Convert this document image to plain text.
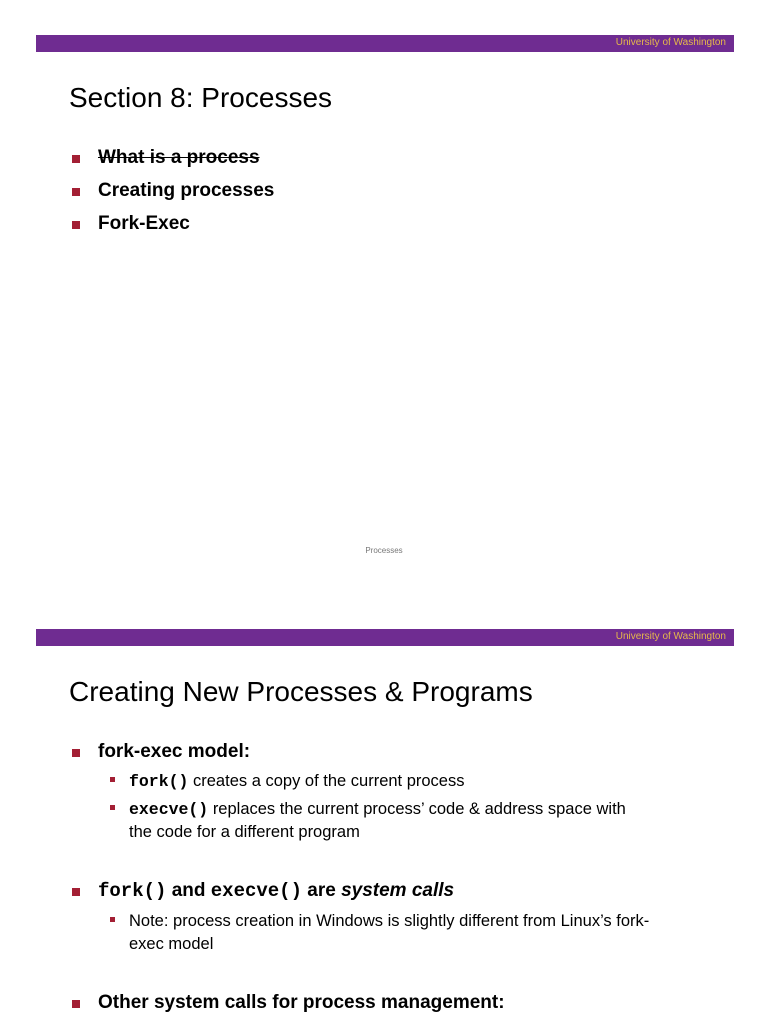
University of Washington
Section 8: Processes
What is a process
Creating processes
Fork-Exec
Processes
University of Washington
Creating New Processes & Programs
fork-exec model:
fork() creates a copy of the current process
execve() replaces the current process’ code & address space with
the code for a different program
fork() and execve() are system calls
Note: process creation in Windows is slightly different from Linux’s fork-
exec model
Other system calls for process management:
